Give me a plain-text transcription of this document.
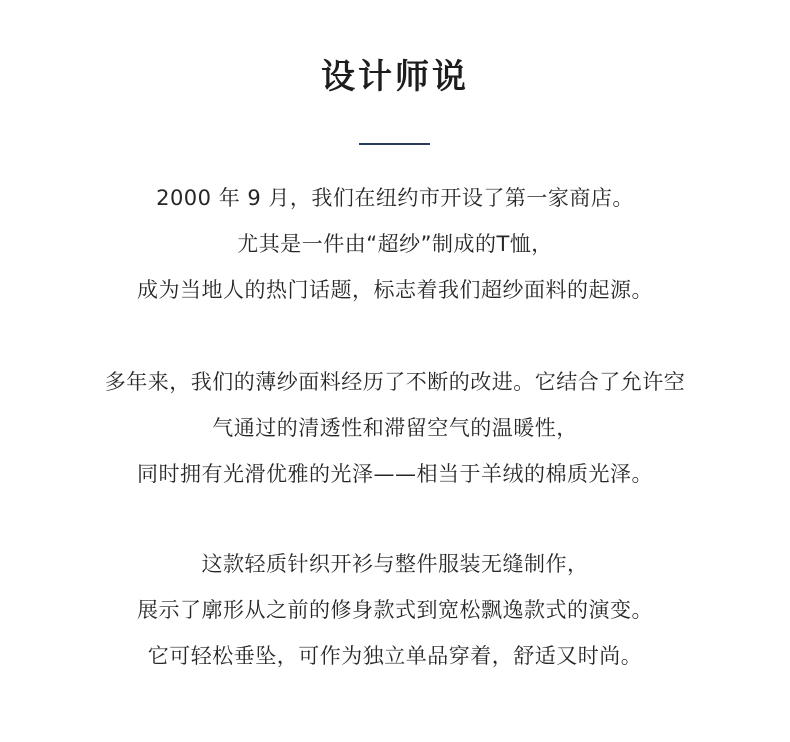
设计师说
2000 年 9 月，我们在纽约市开设了第一家商店。
尤其是一件由“超纱”制成的T恤，
成为当地人的热门话题，标志着我们超纱面料的起源。
多年来，我们的薄纱面料经历了不断的改进。它结合了允许空
气通过的清透性和滞留空气的温暖性，
同时拥有光滑优雅的光泽——相当于羊绒的棉质光泽。
这款轻质针织开衫与整件服装无缝制作，
展示了廓形从之前的修身款式到宽松飘逸款式的演变。
它可轻松垂坠，可作为独立单品穿着，舒适又时尚。
